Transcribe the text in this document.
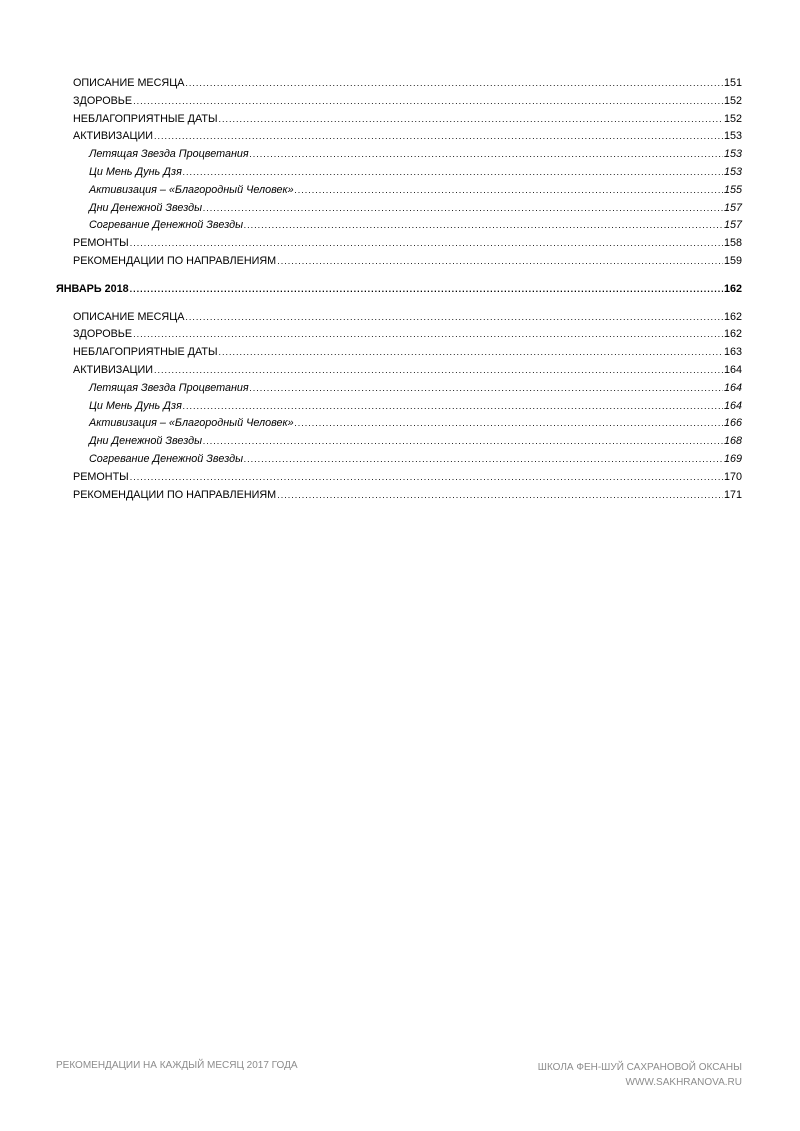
ОПИСАНИЕ МЕСЯЦА .....	151
ЗДОРОВЬЕ .....	152
НЕБЛАГОПРИЯТНЫЕ ДАТЫ .....	152
АКТИВИЗАЦИИ .....	153
Летящая Звезда Процветания .....	153
Ци Мень Дунь Дзя .....	153
Активизация – «Благородный Человек» .....	155
Дни Денежной Звезды .....	157
Согревание Денежной Звезды .....	157
РЕМОНТЫ .....	158
РЕКОМЕНДАЦИИ ПО НАПРАВЛЕНИЯМ .....	159
ЯНВАРЬ 2018 .....	162
ОПИСАНИЕ МЕСЯЦА .....	162
ЗДОРОВЬЕ .....	162
НЕБЛАГОПРИЯТНЫЕ ДАТЫ .....	163
АКТИВИЗАЦИИ .....	164
Летящая Звезда Процветания .....	164
Ци Мень Дунь Дзя .....	164
Активизация – «Благородный Человек» .....	166
Дни Денежной Звезды .....	168
Согревание Денежной Звезды .....	169
РЕМОНТЫ .....	170
РЕКОМЕНДАЦИИ ПО НАПРАВЛЕНИЯМ .....	171
РЕКОМЕНДАЦИИ НА КАЖДЫЙ МЕСЯЦ 2017 ГОДА	ШКОЛА ФЕН-ШУЙ САХРАНОВОЙ ОКСАНЫ
WWW.SAKHRANOVA.RU
